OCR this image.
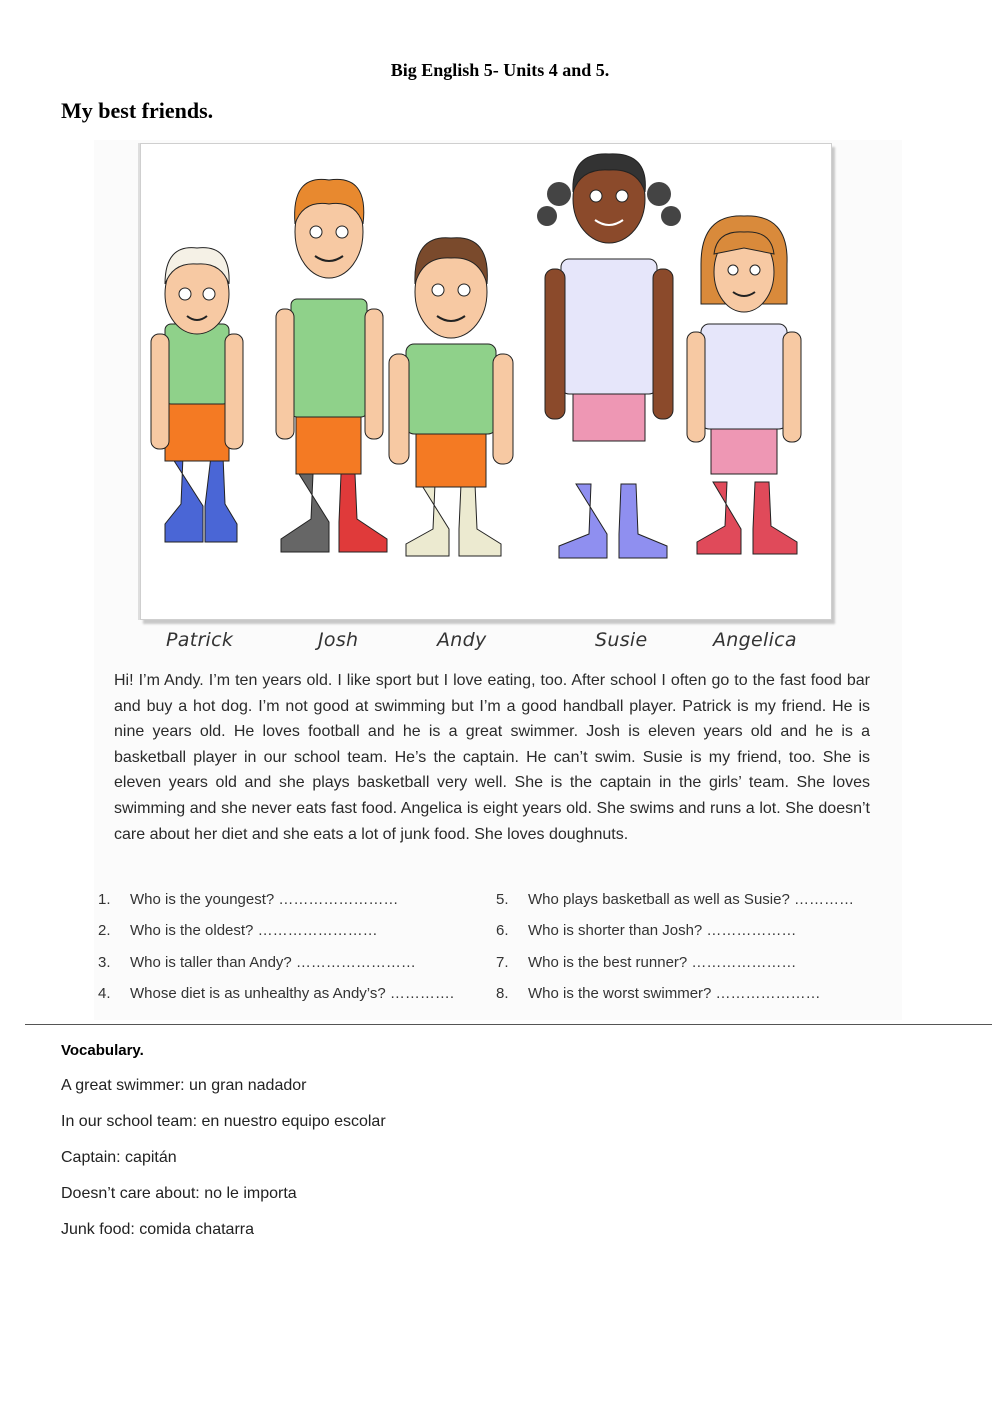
Big English 5- Units 4 and 5.
My best friends.
Patrick	Josh	Andy	Susie	Angelica

Hi! I’m Andy. I’m ten years old. I like sport but I love eating, too. After school I often go to the fast food bar and buy a hot dog. I’m not good at swimming but I’m a good handball player. Patrick is my friend. He is nine years old. He loves football and he is a great swimmer. Josh is eleven years old and he is a basketball player in our school team. He’s the captain. He can’t swim. Susie is my friend, too. She is eleven years old and she plays basketball very well. She is the captain in the girls’ team. She loves swimming and she never eats fast food. Angelica is eight years old. She swims and runs a lot. She doesn’t care about her diet and she eats a lot of junk food. She loves doughnuts.

1. Who is the youngest? ……………………
2. Who is the oldest? ……………………
3. Who is taller than Andy? ……………………
4. Whose diet is as unhealthy as Andy’s? ………….
5. Who plays basketball as well as Susie? …………
6. Who is shorter than Josh? ………………
7. Who is the best runner? …………………
8. Who is the worst swimmer? …………………
Vocabulary.
A great swimmer: un gran nadador
In our school team: en nuestro equipo escolar
Captain: capitán
Doesn’t care about: no le importa
Junk food: comida chatarra
